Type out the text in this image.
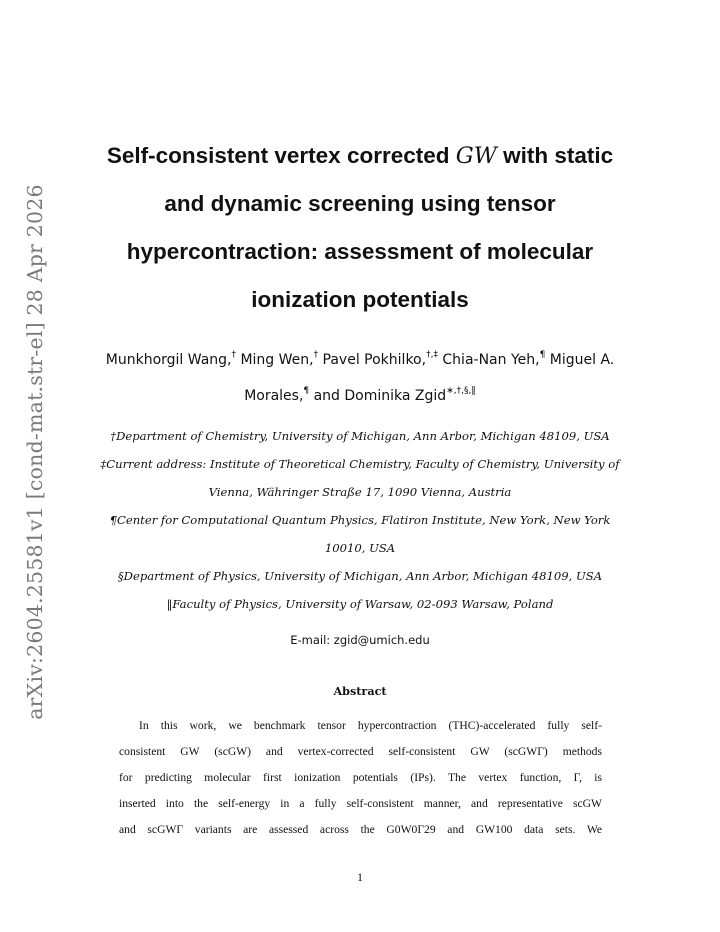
arXiv:2604.25581v1 [cond-mat.str-el] 28 Apr 2026
Self-consistent vertex corrected GW with static
and dynamic screening using tensor
hypercontraction: assessment of molecular
ionization potentials
Munkhorgil Wang,† Ming Wen,† Pavel Pokhilko,†,‡ Chia-Nan Yeh,¶ Miguel A.
Morales,¶ and Dominika Zgid∗,†,§,‖
†Department of Chemistry, University of Michigan, Ann Arbor, Michigan 48109, USA
‡Current address: Institute of Theoretical Chemistry, Faculty of Chemistry, University of
Vienna, Währinger Straße 17, 1090 Vienna, Austria
¶Center for Computational Quantum Physics, Flatiron Institute, New York, New York
10010, USA
§Department of Physics, University of Michigan, Ann Arbor, Michigan 48109, USA
‖Faculty of Physics, University of Warsaw, 02-093 Warsaw, Poland
E-mail: zgid@umich.edu
Abstract
In this work, we benchmark tensor hypercontraction (THC)-accelerated fully self-
consistent GW (scGW) and vertex-corrected self-consistent GW (scGWΓ) methods
for predicting molecular first ionization potentials (IPs). The vertex function, Γ, is
inserted into the self-energy in a fully self-consistent manner, and representative scGW
and scGWΓ variants are assessed across the G0W0Γ29 and GW100 data sets. We
1
